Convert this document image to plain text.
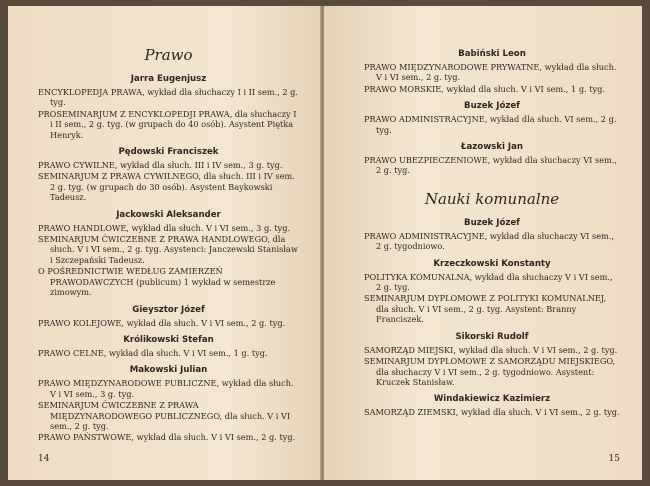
Prawo
Jarra Eugenjusz
ENCYKLOPEDJA PRAWA, wykład dla słuchaczy I i II sem., 2 g. tyg.
PROSEMINARJUM Z ENCYKLOPEDJI PRAWA, dla słuchaczy I i II sem., 2 g. tyg. (w grupach do 40 osób). Asystent Piętka Henryk.
Pędowski Franciszek
PRAWO CYWILNE, wykład dla słuch. III i IV sem., 3 g. tyg.
SEMINARJUM Z PRAWA CYWILNEGO, dla słuch. III i IV sem. 2 g. tyg. (w grupach do 30 osób). Asystent Baykowski Tadeusz.
Jackowski Aleksander
PRAWO HANDLOWE, wykład dla słuch. V i VI sem., 3 g. tyg.
SEMINARJUM ĆWICZEBNE Z PRAWA HANDLOWEGO, dla słuch. V i VI sem., 2 g. tyg. Asystenci: Janczewski Stanisław i Szczepański Tadeusz.
O POŚREDNICTWIE WEDŁUG ZAMIERZEŃ PRAWODAWCZYCH (publicum) 1 wykład w semestrze zimowym.
Gieysztor Józef
PRAWO KOLEJOWE, wykład dla słuch. V i VI sem., 2 g. tyg.
Królikowski Stefan
PRAWO CELNE, wykład dla słuch. V i VI sem., 1 g. tyg.
Makowski Julian
PRAWO MIĘDZYNARODOWE PUBLICZNE, wykład dla słuch. V i VI sem., 3 g. tyg.
SEMINARJUM ĆWICZEBNE Z PRAWA MIĘDZYNARODOWEGO PUBLICZNEGO, dla słuch. V i VI sem., 2 g. tyg.
PRAWO PAŃSTWOWE, wykład dla słuch. V i VI sem., 2 g. tyg.
14
Babiński Leon
PRAWO MIĘDZYNARODOWE PRYWATNE, wykład dla słuch. V i VI sem., 2 g. tyg.
PRAWO MORSKIE, wykład dla słuch. V i VI sem., 1 g. tyg.
Buzek Józef
PRAWO ADMINISTRACYJNE, wykład dla słuch. VI sem., 2 g. tyg.
Łazowski Jan
PRAWO UBEZPIECZENIOWE, wykład dla słuchaczy VI sem., 2 g. tyg.
Nauki komunalne
Buzek Józef
PRAWO ADMINISTRACYJNE, wykład dla słuchaczy VI sem., 2 g. tygodniowo.
Krzeczkowski Konstanty
POLITYKA KOMUNALNA, wykład dla słuchaczy V i VI sem., 2 g. tyg.
SEMINARJUM DYPLOMOWE Z POLITYKI KOMUNALNEJ, dla słuch. V i VI sem., 2 g. tyg. Asystent: Branny Franciszek.
Sikorski Rudolf
SAMORZĄD MIEJSKI, wykład dla słuch. V i VI sem., 2 g. tyg.
SEMINARJUM DYPLOMOWE Z SAMORZĄDU MIEJSKIEGO, dla słuchaczy V i VI sem., 2 g. tygodniowo. Asystent: Kruczek Stanisław.
Windakiewicz Kazimierz
SAMORZĄD ZIEMSKI, wykład dla słuch. V i VI sem., 2 g. tyg.
15
